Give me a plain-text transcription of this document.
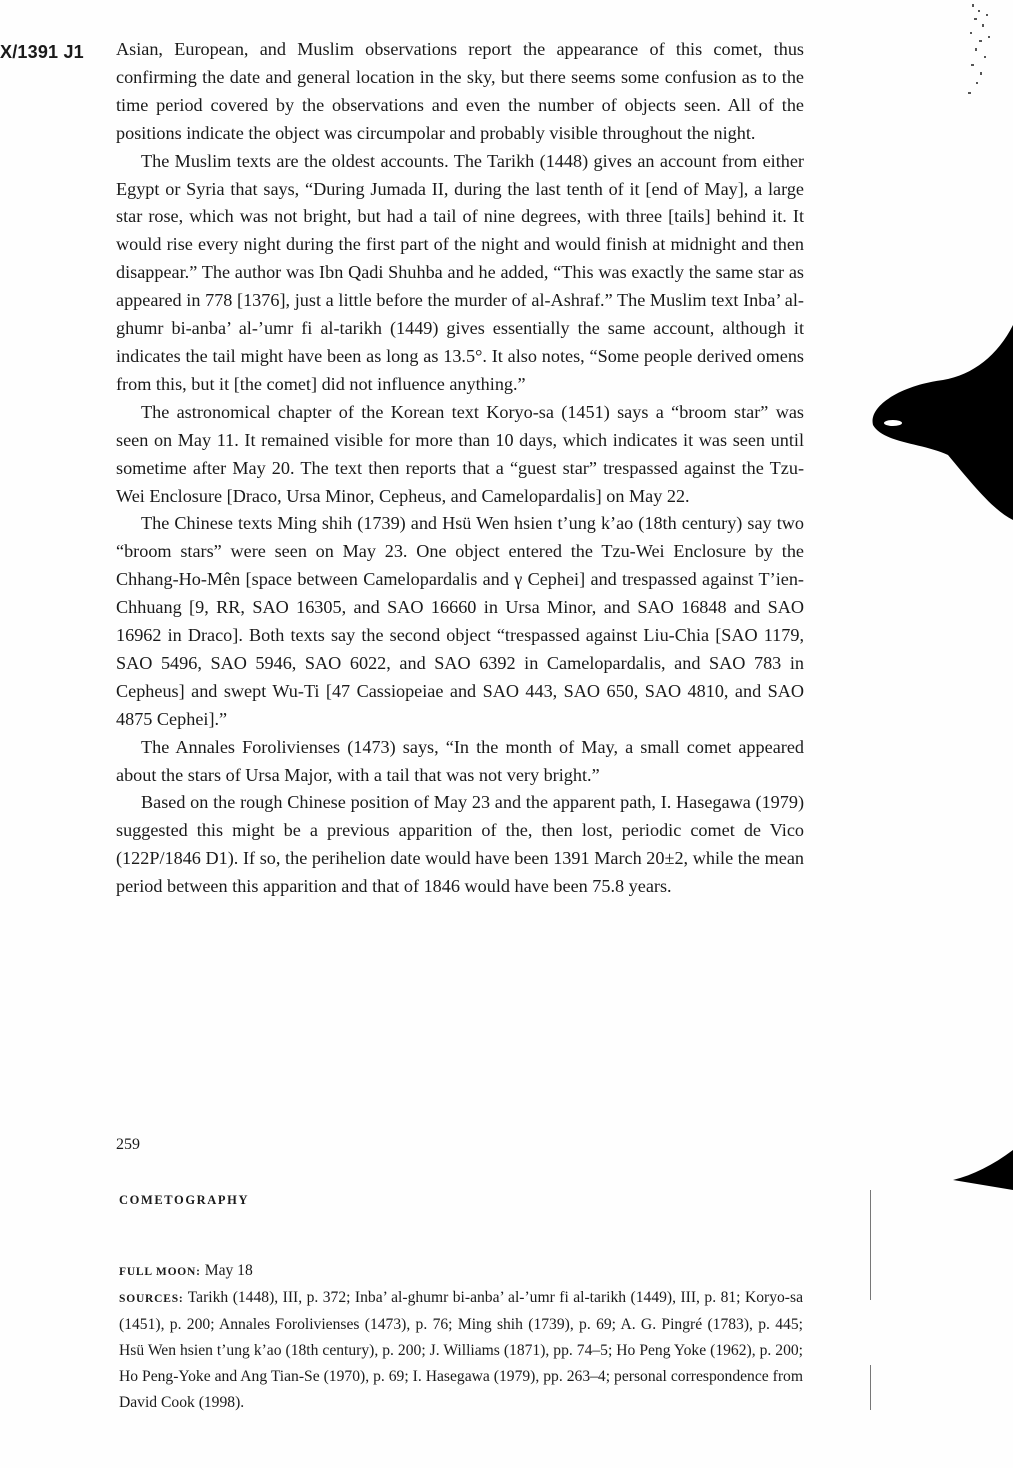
X/1391 J1 Asian, European, and Muslim observations report the appearance of this comet, thus confirming the date and general location in the sky, but there seems some confusion as to the time period covered by the observations and even the number of objects seen. All of the positions indicate the object was circumpolar and probably visible throughout the night.

The Muslim texts are the oldest accounts. The Tarikh (1448) gives an account from either Egypt or Syria that says, “During Jumada II, during the last tenth of it [end of May], a large star rose, which was not bright, but had a tail of nine degrees, with three [tails] behind it. It would rise every night during the first part of the night and would finish at midnight and then disappear.” The author was Ibn Qadi Shuhba and he added, “This was exactly the same star as appeared in 778 [1376], just a little before the murder of al-Ashraf.” The Muslim text Inba’ al-ghumr bi-anba’ al-’umr fi al-tarikh (1449) gives essentially the same account, although it indicates the tail might have been as long as 13.5°. It also notes, “Some people derived omens from this, but it [the comet] did not influence anything.”

The astronomical chapter of the Korean text Koryo-sa (1451) says a “broom star” was seen on May 11. It remained visible for more than 10 days, which indicates it was seen until sometime after May 20. The text then reports that a “guest star” trespassed against the Tzu-Wei Enclosure [Draco, Ursa Minor, Cepheus, and Camelopardalis] on May 22.

The Chinese texts Ming shih (1739) and Hsü Wen hsien t’ung k’ao (18th century) say two “broom stars” were seen on May 23. One object entered the Tzu-Wei Enclosure by the Chhang-Ho-Mên [space between Camelopardalis and γ Cephei] and trespassed against T’ien-Chhuang [9, RR, SAO 16305, and SAO 16660 in Ursa Minor, and SAO 16848 and SAO 16962 in Draco]. Both texts say the second object “trespassed against Liu-Chia [SAO 1179, SAO 5496, SAO 5946, SAO 6022, and SAO 6392 in Camelopardalis, and SAO 783 in Cepheus] and swept Wu-Ti [47 Cassiopeiae and SAO 443, SAO 650, SAO 4810, and SAO 4875 Cephei].”

The Annales Foroliviensеs (1473) says, “In the month of May, a small comet appeared about the stars of Ursa Major, with a tail that was not very bright.”

Based on the rough Chinese position of May 23 and the apparent path, I. Hasegawa (1979) suggested this might be a previous apparition of the, then lost, periodic comet de Vico (122P/1846 D1). If so, the perihelion date would have been 1391 March 20±2, while the mean period between this apparition and that of 1846 would have been 75.8 years.

259
COMETOGRAPHY

FULL MOON: May 18

SOURCES: Tarikh (1448), III, p. 372; Inba’ al-ghumr bi-anba’ al-’umr fi al-tarikh (1449), III, p. 81; Koryo-sa (1451), p. 200; Annales Forolivienses (1473), p. 76; Ming shih (1739), p. 69; A. G. Pingré (1783), p. 445; Hsü Wen hsien t’ung k’ao (18th century), p. 200; J. Williams (1871), pp. 74–5; Ho Peng Yoke (1962), p. 200; Ho Peng-Yoke and Ang Tian-Se (1970), p. 69; I. Hasegawa (1979), pp. 263–4; personal correspondence from David Cook (1998).
